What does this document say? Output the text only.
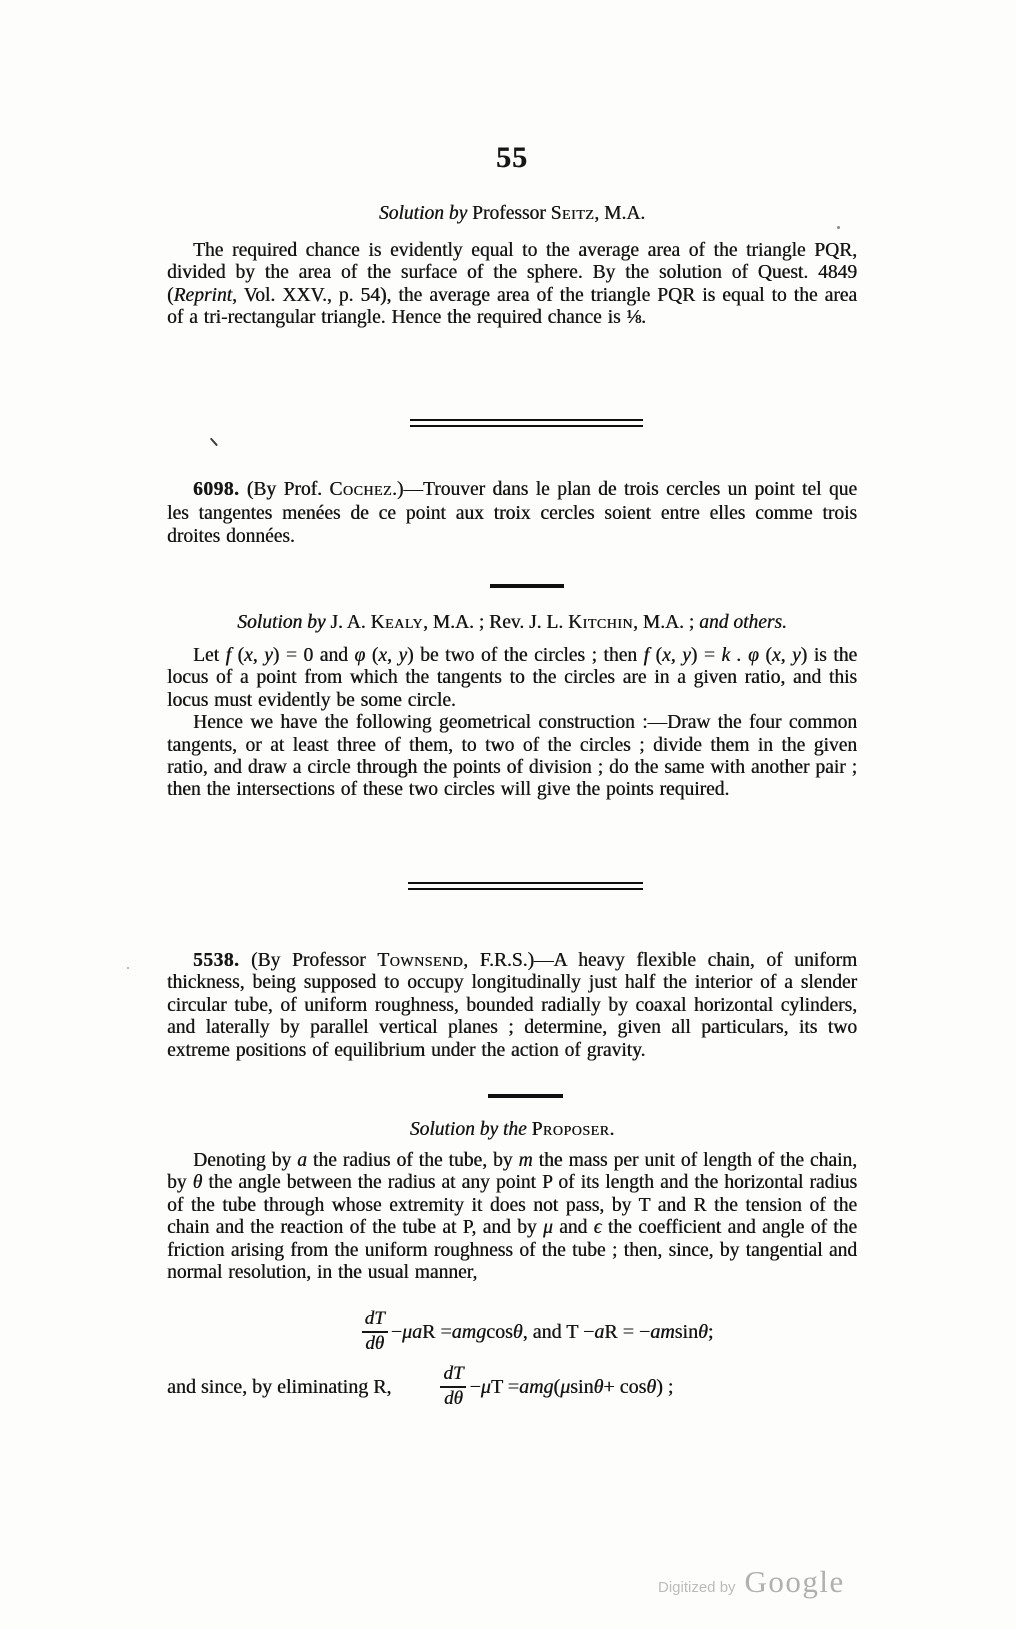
55
Solution by Professor Seitz, M.A.

The required chance is evidently equal to the average area of the triangle PQR, divided by the area of the surface of the sphere. By the solution of Quest. 4849 (Reprint, Vol. XXV., p. 54), the average area of the triangle PQR is equal to the area of a tri-rectangular triangle. Hence the required chance is ⅛.

6098. (By Prof. Cochez.)—Trouver dans le plan de trois cercles un point tel que les tangentes menées de ce point aux troix cercles soient entre elles comme trois droites données.

Solution by J. A. Kealy, M.A. ; Rev. J. L. Kitchin, M.A. ; and others.

Let f (x, y) = 0 and φ (x, y) be two of the circles ; then f (x, y) = k . φ (x, y) is the locus of a point from which the tangents to the circles are in a given ratio, and this locus must evidently be some circle.

Hence we have the following geometrical construction :—Draw the four common tangents, or at least three of them, to two of the circles ; divide them in the given ratio, and draw a circle through the points of division ; do the same with another pair ; then the intersections of these two circles will give the points required.

5538. (By Professor Townsend, F.R.S.)—A heavy flexible chain, of uniform thickness, being supposed to occupy longitudinally just half the interior of a slender circular tube, of uniform roughness, bounded radially by coaxal horizontal cylinders, and laterally by parallel vertical planes ; determine, given all particulars, its two extreme positions of equilibrium under the action of gravity.

Solution by the Proposer.

Denoting by a the radius of the tube, by m the mass per unit of length of the chain, by θ the angle between the radius at any point P of its length and the horizontal radius of the tube through whose extremity it does not pass, by T and R the tension of the chain and the reaction of the tube at P, and by μ and ϵ the coefficient and angle of the friction arising from the uniform roughness of the tube ; then, since, by tangential and normal resolution, in the usual manner,

$\frac{dT}{d\theta} - \mu a$ R = amg cos θ , and T − a R = − am sin θ ;
and since, by eliminating R,	$\frac{dT}{d\theta} - \mu$ T = amg ( μ sin θ + cos θ ) ;
Digitized by Google
